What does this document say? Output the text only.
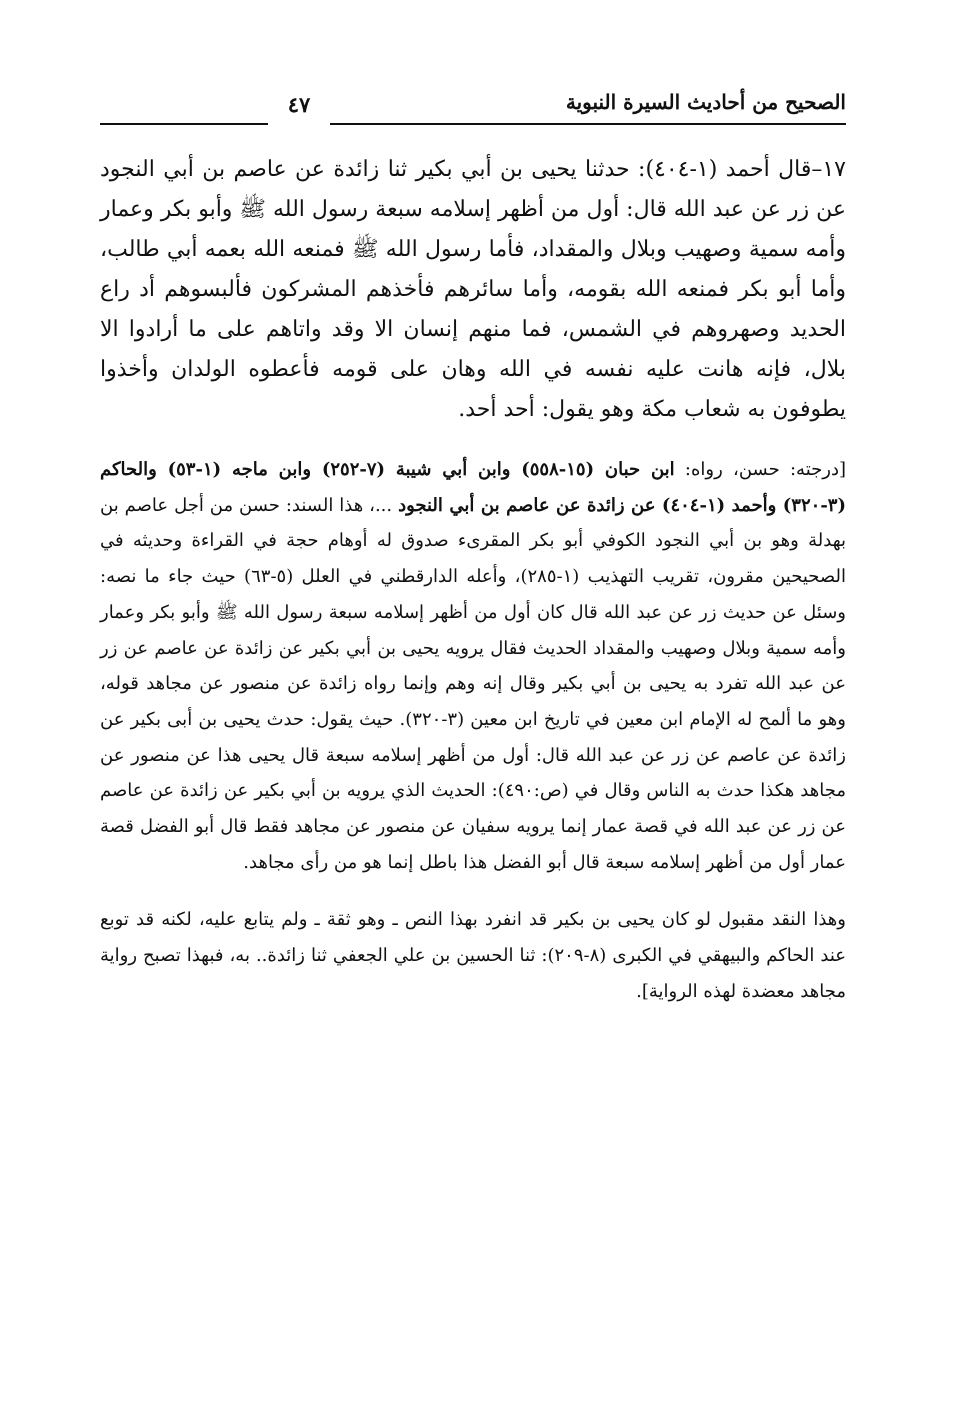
الصحيح من أحاديث السيرة النبوية
٤٧

١٧–قال أحمد (١-٤٠٤): حدثنا يحيى بن أبي بكير ثنا زائدة عن عاصم بن أبي النجود عن زر عن عبد الله قال: أول من أظهر إسلامه سبعة رسول الله ﷺ وأبو بكر وعمار وأمه سمية وصهيب وبلال والمقداد، فأما رسول الله ﷺ فمنعه الله بعمه أبي طالب، وأما أبو بكر فمنعه الله بقومه، وأما سائرهم فأخذهم المشركون فألبسوهم أد راع الحديد وصهروهم في الشمس، فما منهم إنسان الا وقد واتاهم على ما أرادوا الا بلال، فإنه هانت عليه نفسه في الله وهان على قومه فأعطوه الولدان وأخذوا يطوفون به شعاب مكة وهو يقول: أحد أحد.

[درجته: حسن، رواه: ابن حبان (١٥-٥٥٨) وابن أبي شيبة (٧-٢٥٢) وابن ماجه (١-٥٣) والحاكم (٣-٣٢٠) وأحمد (١-٤٠٤) عن زائدة عن عاصم بن أبي النجود ...، هذا السند: حسن من أجل عاصم بن بهدلة وهو بن أبي النجود الكوفي أبو بكر المقرىء صدوق له أوهام حجة في القراءة وحديثه في الصحيحين مقرون، تقريب التهذيب (١-٢٨٥)، وأعله الدارقطني في العلل (٥-٦٣) حيث جاء ما نصه: وسئل عن حديث زر عن عبد الله قال كان أول من أظهر إسلامه سبعة رسول الله ﷺ وأبو بكر وعمار وأمه سمية وبلال وصهيب والمقداد الحديث فقال يرويه يحيى بن أبي بكير عن زائدة عن عاصم عن زر عن عبد الله تفرد به يحيى بن أبي بكير وقال إنه وهم وإنما رواه زائدة عن منصور عن مجاهد قوله، وهو ما ألمح له الإمام ابن معين في تاريخ ابن معين (٣-٣٢٠). حيث يقول: حدث يحيى بن أبى بكير عن زائدة عن عاصم عن زر عن عبد الله قال: أول من أظهر إسلامه سبعة قال يحيى هذا عن منصور عن مجاهد هكذا حدث به الناس وقال في (ص:٤٩٠): الحديث الذي يرويه بن أبي بكير عن زائدة عن عاصم عن زر عن عبد الله في قصة عمار إنما يرويه سفيان عن منصور عن مجاهد فقط قال أبو الفضل قصة عمار أول من أظهر إسلامه سبعة قال أبو الفضل هذا باطل إنما هو من رأى مجاهد.

وهذا النقد مقبول لو كان يحيى بن بكير قد انفرد بهذا النص ـ وهو ثقة ـ ولم يتابع عليه، لكنه قد توبع عند الحاكم والبيهقي في الكبرى (٨-٢٠٩): ثنا الحسين بن علي الجعفي ثنا زائدة.. به، فبهذا تصبح رواية مجاهد معضدة لهذه الرواية].
